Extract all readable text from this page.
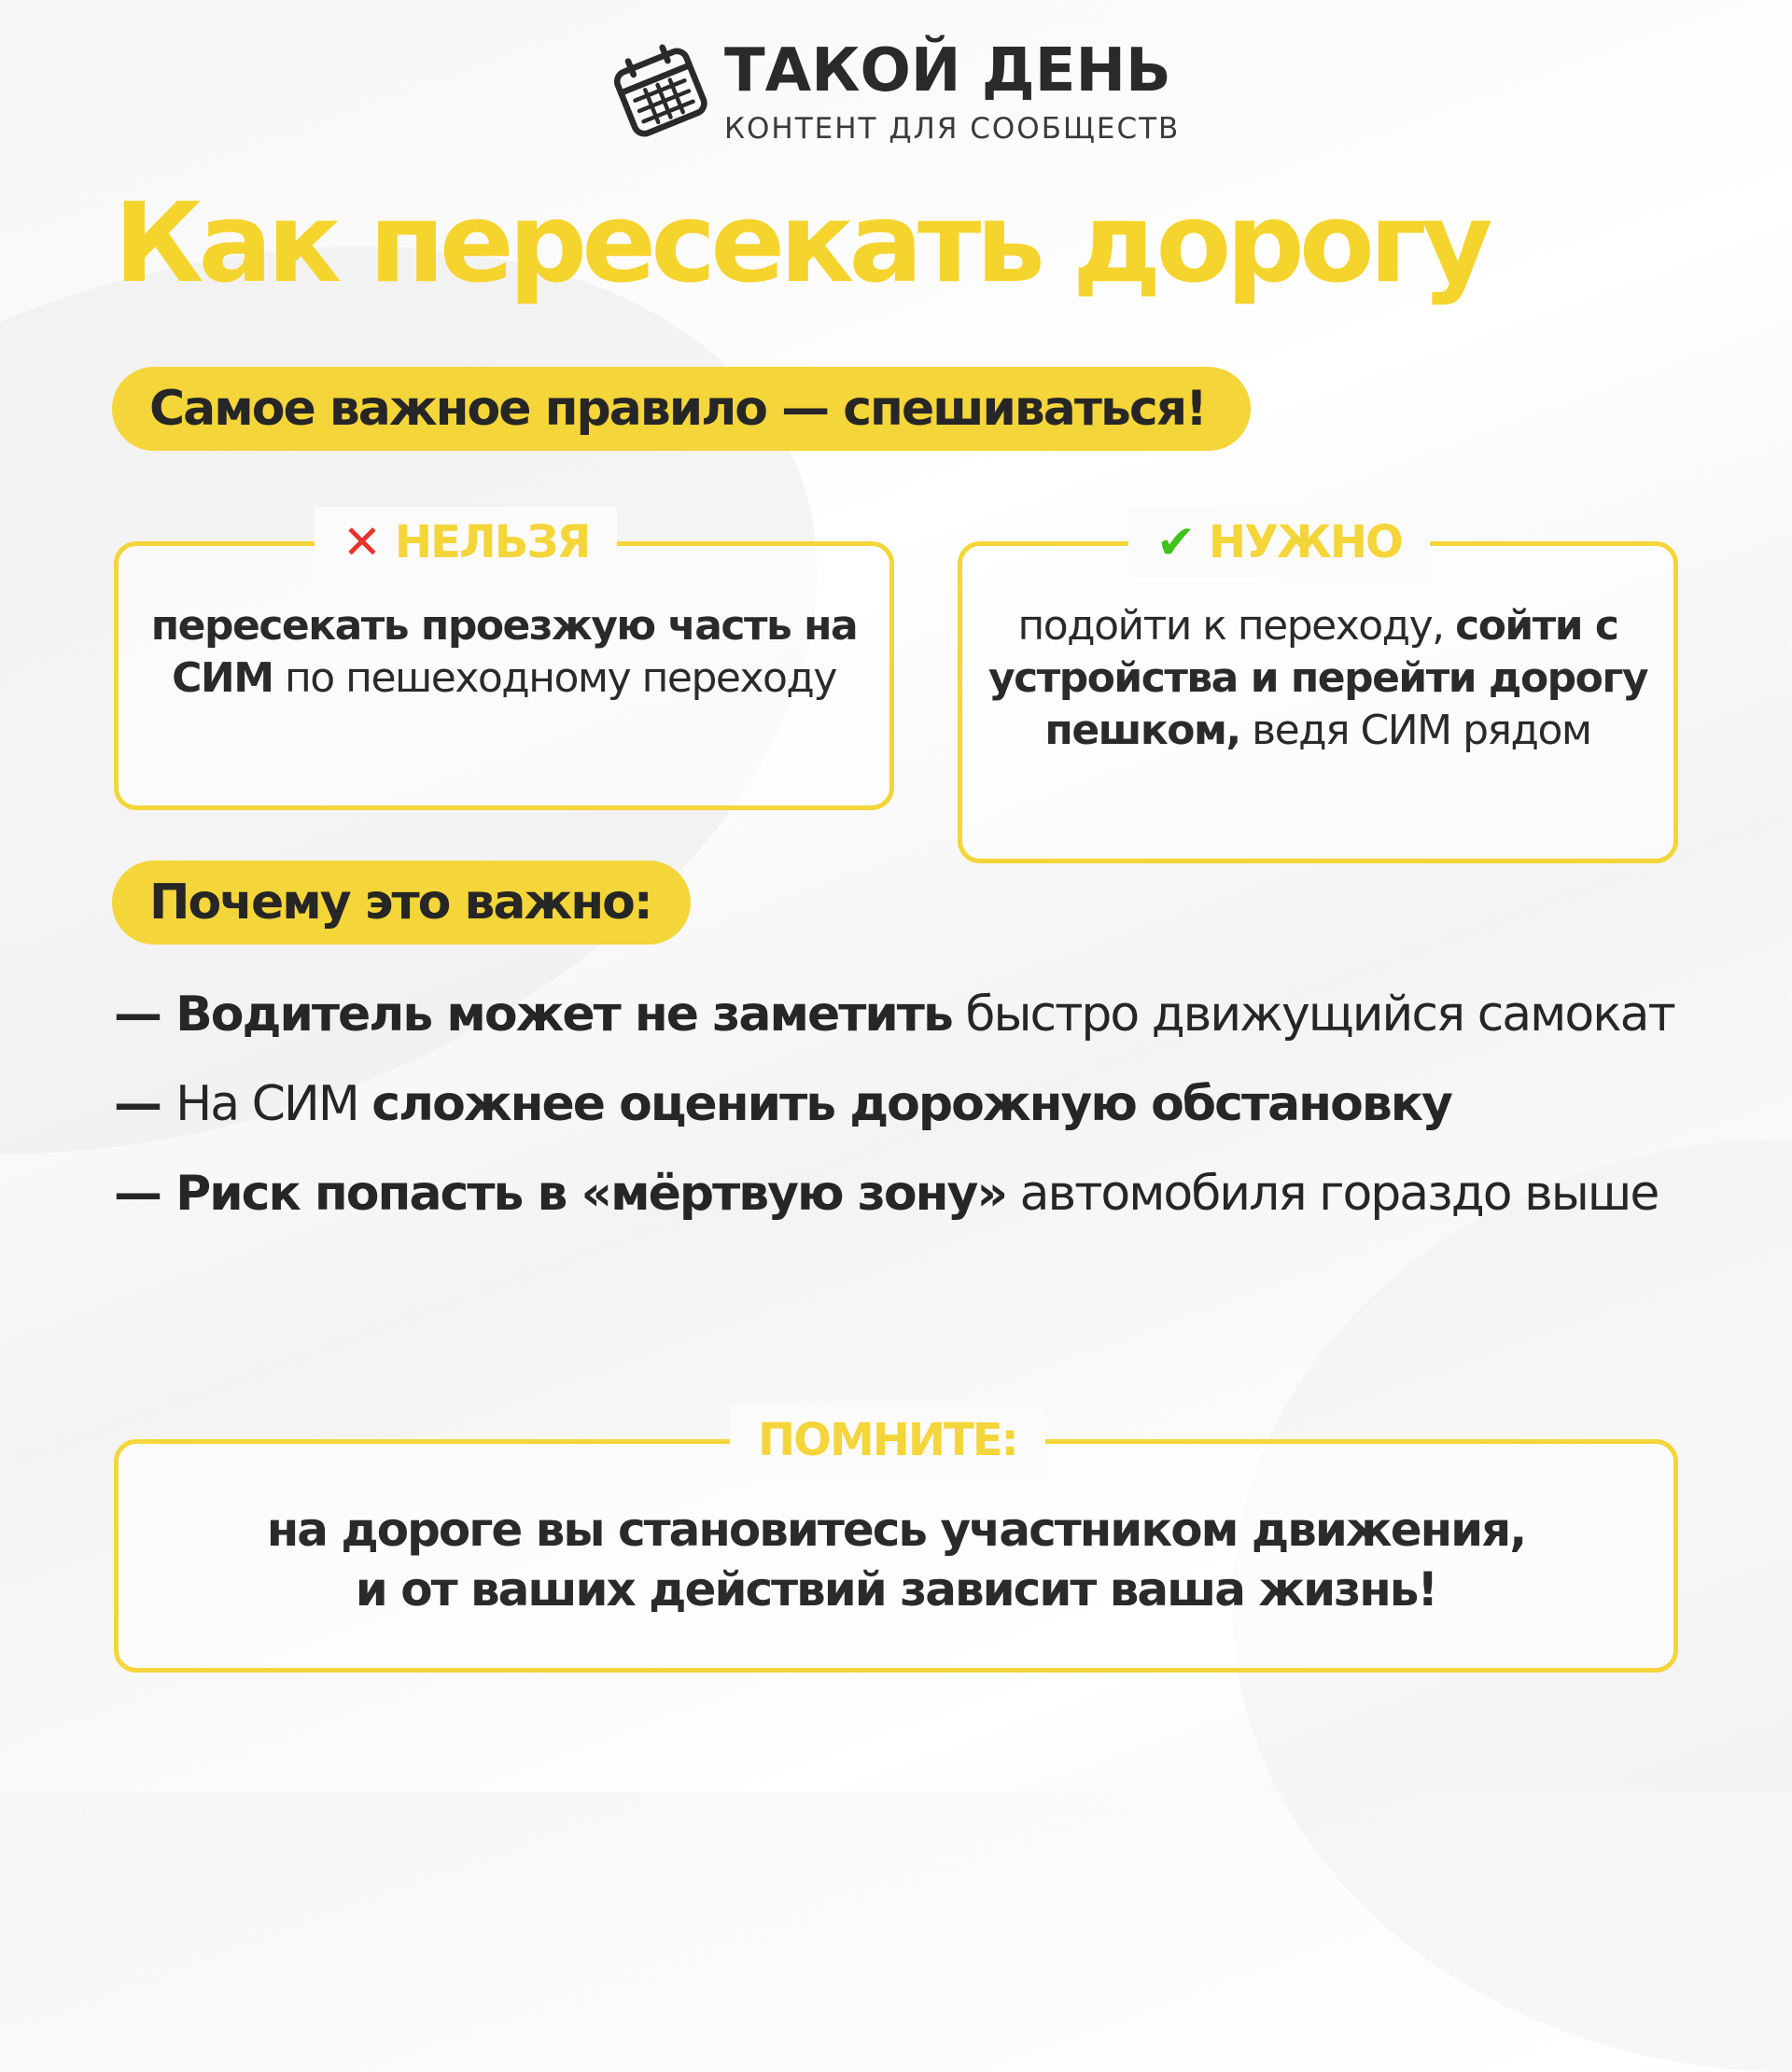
ТАКОЙ ДЕНЬ
КОНТЕНТ ДЛЯ СООБЩЕСТВ
Как пересекать дорогу
Самое важное правило — спешиваться!
✕ НЕЛЬЗЯ
пересекать проезжую часть на СИМ по пешеходному переходу
✔ НУЖНО
подойти к переходу, сойти с устройства и перейти дорогу пешком, ведя СИМ рядом
Почему это важно:
— Водитель может не заметить быстро движущийся самокат
— На СИМ сложнее оценить дорожную обстановку
— Риск попасть в «мёртвую зону» автомобиля гораздо выше
ПОМНИТЕ:
на дороге вы становитесь участником движения,
и от ваших действий зависит ваша жизнь!
